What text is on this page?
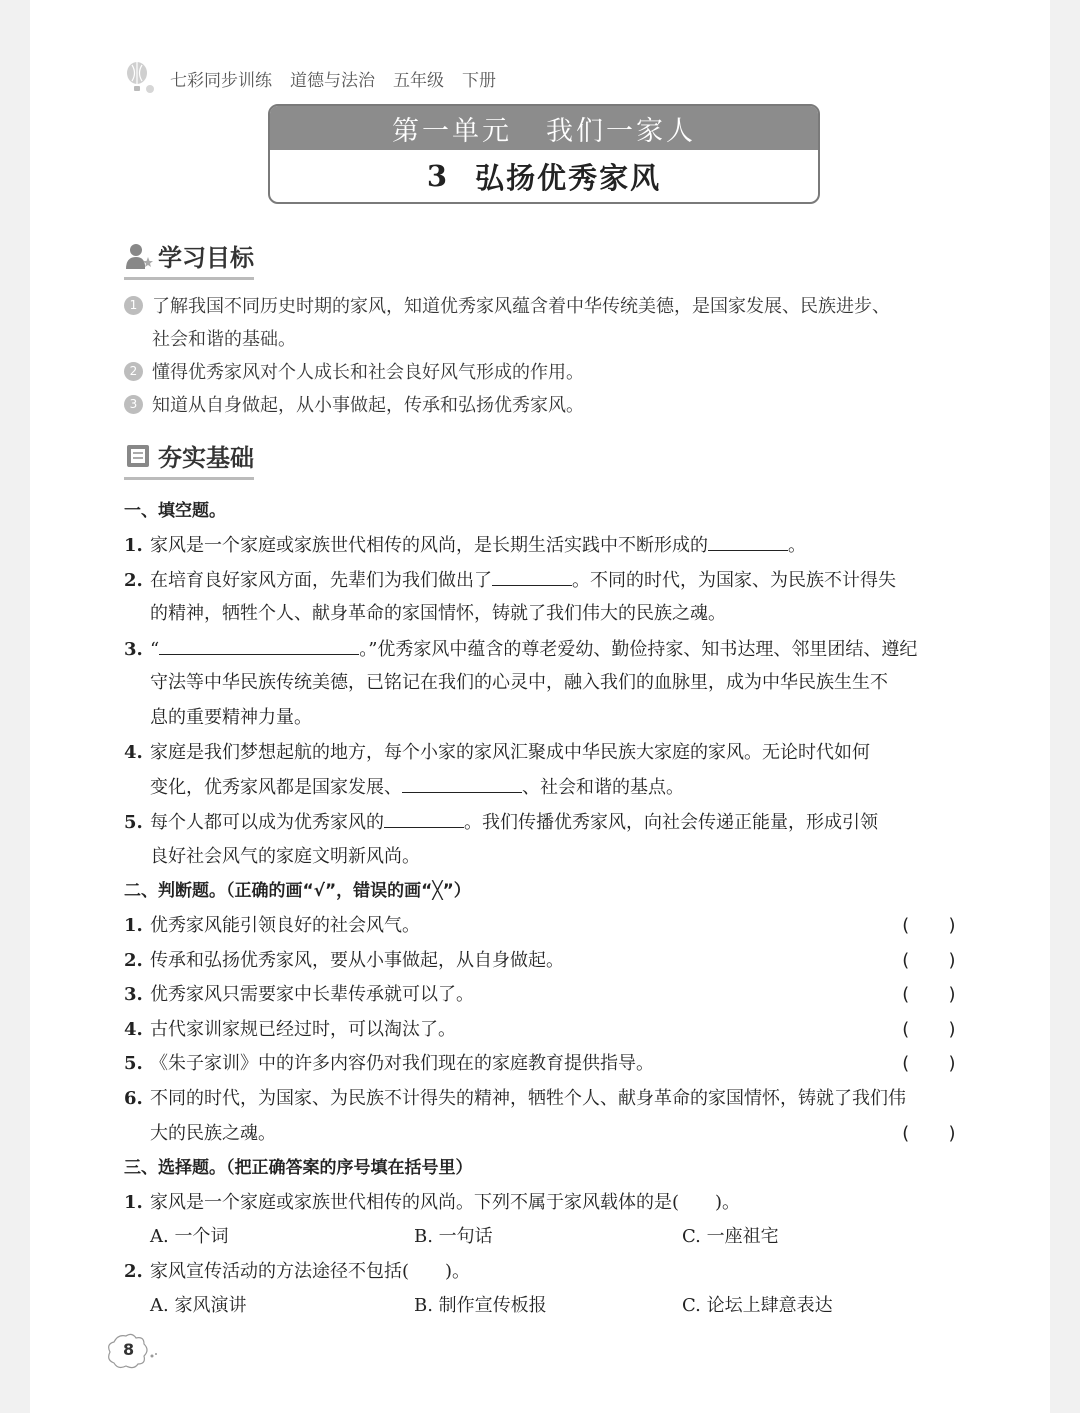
七彩同步训练 道德与法治 五年级 下册
第一单元 我们一家人
3 弘扬优秀家风
学习目标
1 了解我国不同历史时期的家风，知道优秀家风蕴含着中华传统美德，是国家发展、民族进步、
社会和谐的基础。
2 懂得优秀家风对个人成长和社会良好风气形成的作用。
3 知道从自身做起，从小事做起，传承和弘扬优秀家风。
夯实基础
一、填空题。
1. 家风是一个家庭或家族世代相传的风尚，是长期生活实践中不断形成的	。
2. 在培育良好家风方面，先辈们为我们做出了	。不同的时代，为国家、为民族不计得失
的精神，牺牲个人、献身革命的家国情怀，铸就了我们伟大的民族之魂。
3. “	。”优秀家风中蕴含的尊老爱幼、勤俭持家、知书达理、邻里团结、遵纪
守法等中华民族传统美德，已铭记在我们的心灵中，融入我们的血脉里，成为中华民族生生不
息的重要精神力量。
4. 家庭是我们梦想起航的地方，每个小家的家风汇聚成中华民族大家庭的家风。无论时代如何
变化，优秀家风都是国家发展、	、社会和谐的基点。
5. 每个人都可以成为优秀家风的	。我们传播优秀家风，向社会传递正能量，形成引领
良好社会风气的家庭文明新风尚。
二、判断题。（正确的画“√”，错误的画“╳”）
1. 优秀家风能引领良好的社会风气。	(　　)
2. 传承和弘扬优秀家风，要从小事做起，从自身做起。	(　　)
3. 优秀家风只需要家中长辈传承就可以了。	(　　)
4. 古代家训家规已经过时，可以淘汰了。	(　　)
5. 《朱子家训》中的许多内容仍对我们现在的家庭教育提供指导。	(　　)
6. 不同的时代，为国家、为民族不计得失的精神，牺牲个人、献身革命的家国情怀，铸就了我们伟
大的民族之魂。	(　　)
三、选择题。（把正确答案的序号填在括号里）
1. 家风是一个家庭或家族世代相传的风尚。下列不属于家风载体的是(　　)。
A. 一个词	B. 一句话	C. 一座祖宅
2. 家风宣传活动的方法途径不包括(　　)。
A. 家风演讲	B. 制作宣传板报	C. 论坛上肆意表达
8
